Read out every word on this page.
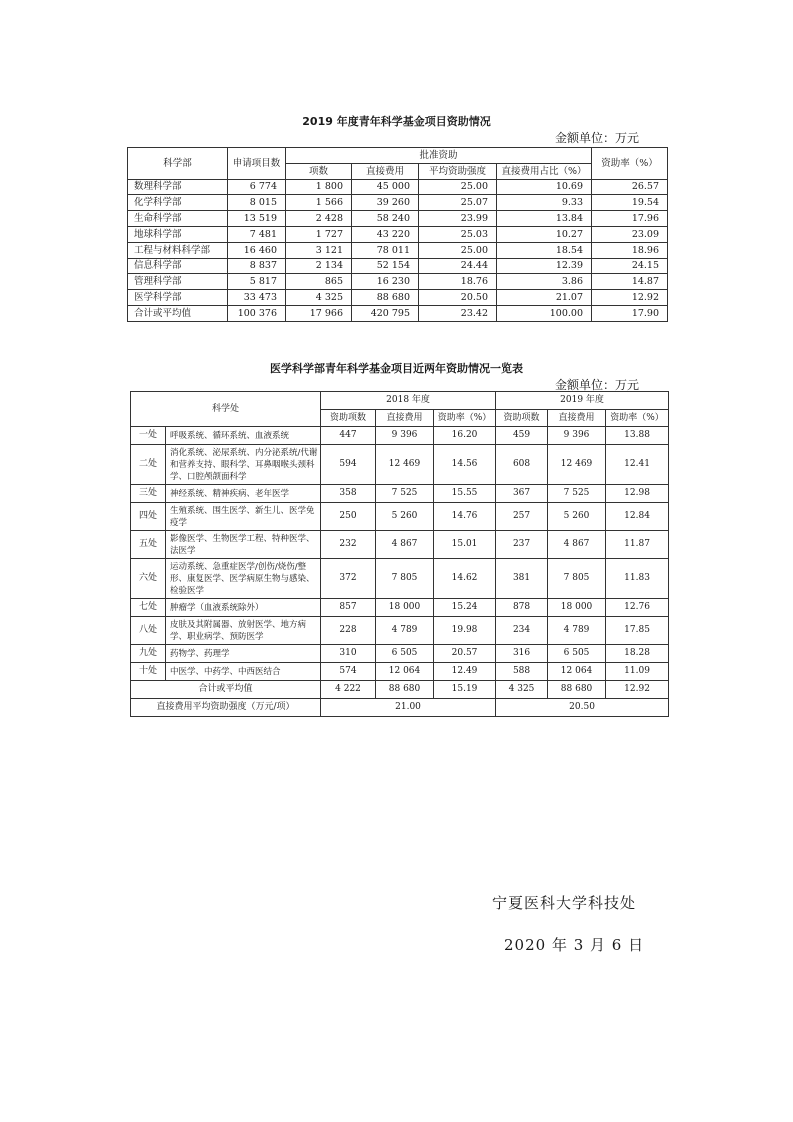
2019 年度青年科学基金项目资助情况
金额单位：万元
科学部	申请项目数	批准资助				资助率（%）
		项数	直接费用	平均资助强度	直接费用占比（%）	
数理科学部	6 774	1 800	45 000	25.00	10.69	26.57
化学科学部	8 015	1 566	39 260	25.07	9.33	19.54
生命科学部	13 519	2 428	58 240	23.99	13.84	17.96
地球科学部	7 481	1 727	43 220	25.03	10.27	23.09
工程与材料科学部	16 460	3 121	78 011	25.00	18.54	18.96
信息科学部	8 837	2 134	52 154	24.44	12.39	24.15
管理科学部	5 817	865	16 230	18.76	3.86	14.87
医学科学部	33 473	4 325	88 680	20.50	21.07	12.92
合计或平均值	100 376	17 966	420 795	23.42	100.00	17.90
医学科学部青年科学基金项目近两年资助情况一览表
金额单位：万元
科学处		2018 年度			2019 年度		
		资助项数	直接费用	资助率（%）	资助项数	直接费用	资助率（%）
一处	呼吸系统、循环系统、血液系统	447	9 396	16.20	459	9 396	13.88
二处	消化系统、泌尿系统、内分泌系统/代谢和营养支持、眼科学、耳鼻咽喉头颈科学、口腔颅颌面科学	594	12 469	14.56	608	12 469	12.41
三处	神经系统、精神疾病、老年医学	358	7 525	15.55	367	7 525	12.98
四处	生殖系统、围生医学、新生儿、医学免疫学	250	5 260	14.76	257	5 260	12.84
五处	影像医学、生物医学工程、特种医学、法医学	232	4 867	15.01	237	4 867	11.87
六处	运动系统、急重症医学/创伤/烧伤/整形、康复医学、医学病原生物与感染、检验医学	372	7 805	14.62	381	7 805	11.83
七处	肿瘤学（血液系统除外）	857	18 000	15.24	878	18 000	12.76
八处	皮肤及其附属器、放射医学、地方病学、职业病学、预防医学	228	4 789	19.98	234	4 789	17.85
九处	药物学、药理学	310	6 505	20.57	316	6 505	18.28
十处	中医学、中药学、中西医结合	574	12 064	12.49	588	12 064	11.09
合计或平均值		4 222	88 680	15.19	4 325	88 680	12.92
直接费用平均资助强度（万元/项）		21.00			20.50		
宁夏医科大学科技处
2020 年 3 月 6 日
